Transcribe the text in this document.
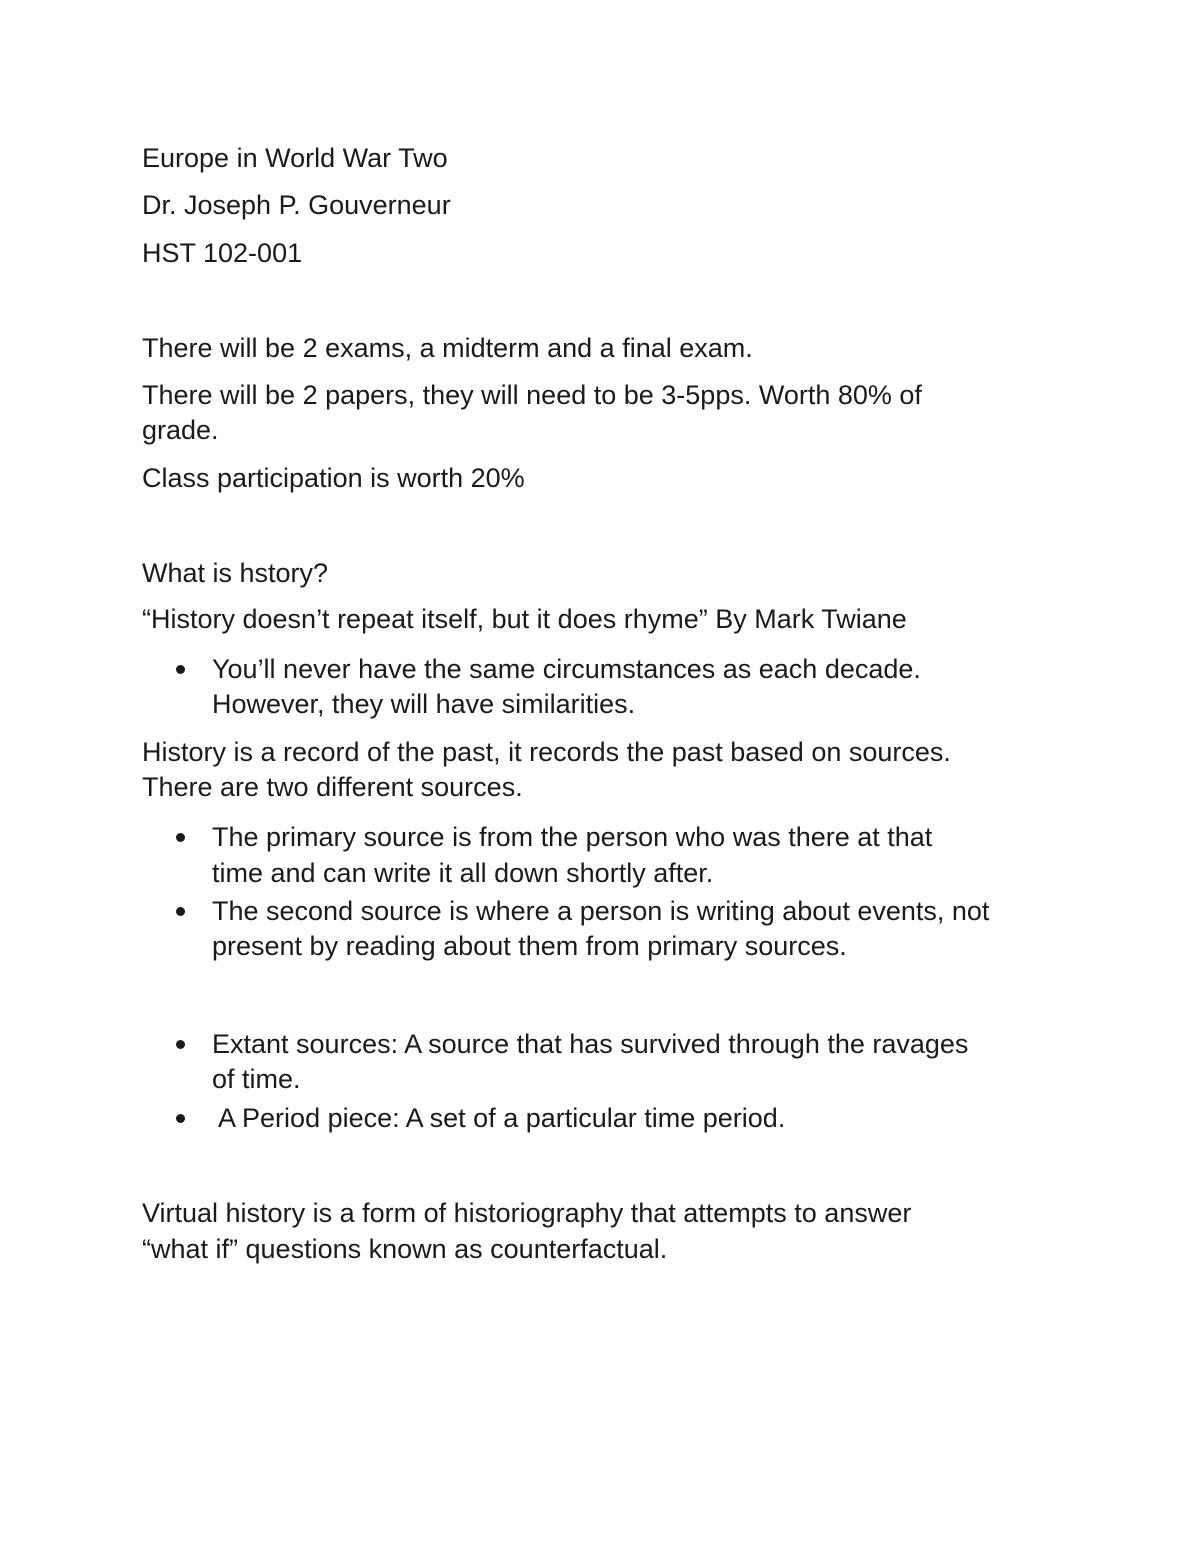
Europe in World War Two

Dr. Joseph P. Gouverneur

HST 102-001

There will be 2 exams, a midterm and a final exam.

There will be 2 papers, they will need to be 3-5pps. Worth 80% of

grade.

Class participation is worth 20%

What is hstory?

“History doesn’t repeat itself, but it does rhyme” By Mark Twiane

You’ll never have the same circumstances as each decade.

However, they will have similarities.

History is a record of the past, it records the past based on sources.

There are two different sources.

The primary source is from the person who was there at that

time and can write it all down shortly after.

The second source is where a person is writing about events, not

present by reading about them from primary sources.

Extant sources: A source that has survived through the ravages

of time.

A Period piece: A set of a particular time period.

Virtual history is a form of historiography that attempts to answer

“what if” questions known as counterfactual.
